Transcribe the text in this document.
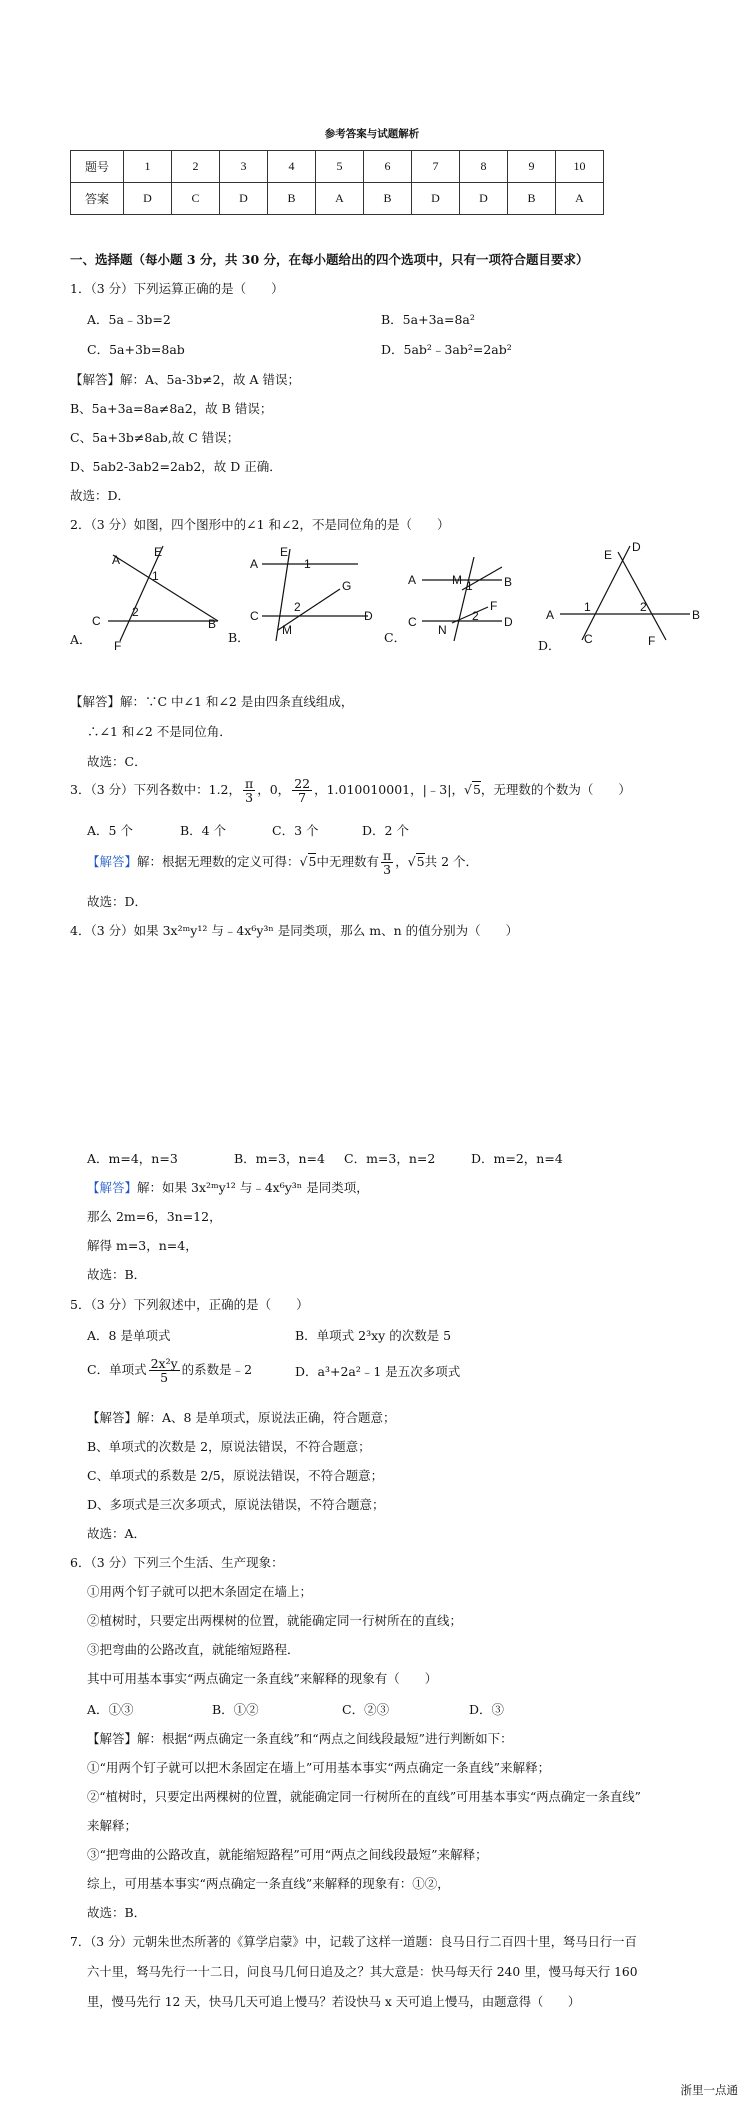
参考答案与试题解析
题号	1	2	3	4	5	6	7	8	9	10
答案	D	C	D	B	A	B	D	D	B	A
一、选择题（每小题 3 分，共 30 分，在每小题给出的四个选项中，只有一项符合题目要求）
1．（3 分）下列运算正确的是（　　）
A．5a﹣3b=2	B．5a+3a=8a²
C．5a+3b=8ab	D．5ab²﹣3ab²=2ab²
【解答】解：A、5a-3b≠2，故 A 错误；
B、5a+3a=8a≠8a2，故 B 错误；
C、5a+3b≠8ab,故 C 错误；
D、5ab2-3ab2=2ab2，故 D 正确．
故选：D．
2．（3 分）如图，四个图形中的∠1 和∠2，不是同位角的是（　　）
E
A
1
2
C	B
F
A．
A
E
1
G
2
C
M
D
B．
A	M 1	B
F
2
C
N
D
C．
E
D
1	2
A	B
C	F
D．
【解答】解：∵C 中∠1 和∠2 是由四条直线组成，
∴∠1 和∠2 不是同位角．
故选：C．
3．（3 分）下列各数中：1.2， $\frac{\pi}{3}$ ，0， $\frac{22}{7}$ ，1.010010001，|﹣3|，√5，无理数的个数为（　　）
A．5 个	B．4 个	C．3 个	D．2 个
【解答】解：根据无理数的定义可得：√5中无理数有 $\frac{\pi}{3}$ ，√5共 2 个．
故选：D．
4．（3 分）如果 3x²ᵐy¹² 与﹣4x⁶y³ⁿ 是同类项，那么 m、n 的值分别为（　　）
A．m=4，n=3	B．m=3，n=4 C．m=3，n=2	D．m=2，n=4
【解答】解：如果 3x²ᵐy¹² 与﹣4x⁶y³ⁿ 是同类项，
那么 2m=6，3n=12，
解得 m=3，n=4，
故选：B．
5．（3 分）下列叙述中，正确的是（　　）
A．8 是单项式	B．单项式 2³xy 的次数是 5
C．单项式 $\frac{\text{2x²y}}{5}$ 的系数是﹣2	D．a³+2a²﹣1 是五次多项式
【解答】解：A、8 是单项式，原说法正确，符合题意；
B、单项式的次数是 2，原说法错误，不符合题意；
C、单项式的系数是 2/5，原说法错误，不符合题意；
D、多项式是三次多项式，原说法错误，不符合题意；
故选：A．
6．（3 分）下列三个生活、生产现象：
①用两个钉子就可以把木条固定在墙上；
②植树时，只要定出两棵树的位置，就能确定同一行树所在的直线；
③把弯曲的公路改直，就能缩短路程．
其中可用基本事实“两点确定一条直线”来解释的现象有（　　）
A．①③	B．①②	C．②③	D．③
【解答】解：根据“两点确定一条直线”和“两点之间线段最短”进行判断如下：
①“用两个钉子就可以把木条固定在墙上”可用基本事实“两点确定一条直线”来解释；
②“植树时，只要定出两棵树的位置，就能确定同一行树所在的直线”可用基本事实“两点确定一条直线”
来解释；
③“把弯曲的公路改直，就能缩短路程”可用“两点之间线段最短”来解释；
综上，可用基本事实“两点确定一条直线”来解释的现象有：①②，
故选：B．
7．（3 分）元朝朱世杰所著的《算学启蒙》中，记载了这样一道题：良马日行二百四十里，驽马日行一百
六十里，驽马先行一十二日，问良马几何日追及之？其大意是：快马每天行 240 里，慢马每天行 160
里，慢马先行 12 天，快马几天可追上慢马？若设快马 x 天可追上慢马，由题意得（　　）
浙里一点通
